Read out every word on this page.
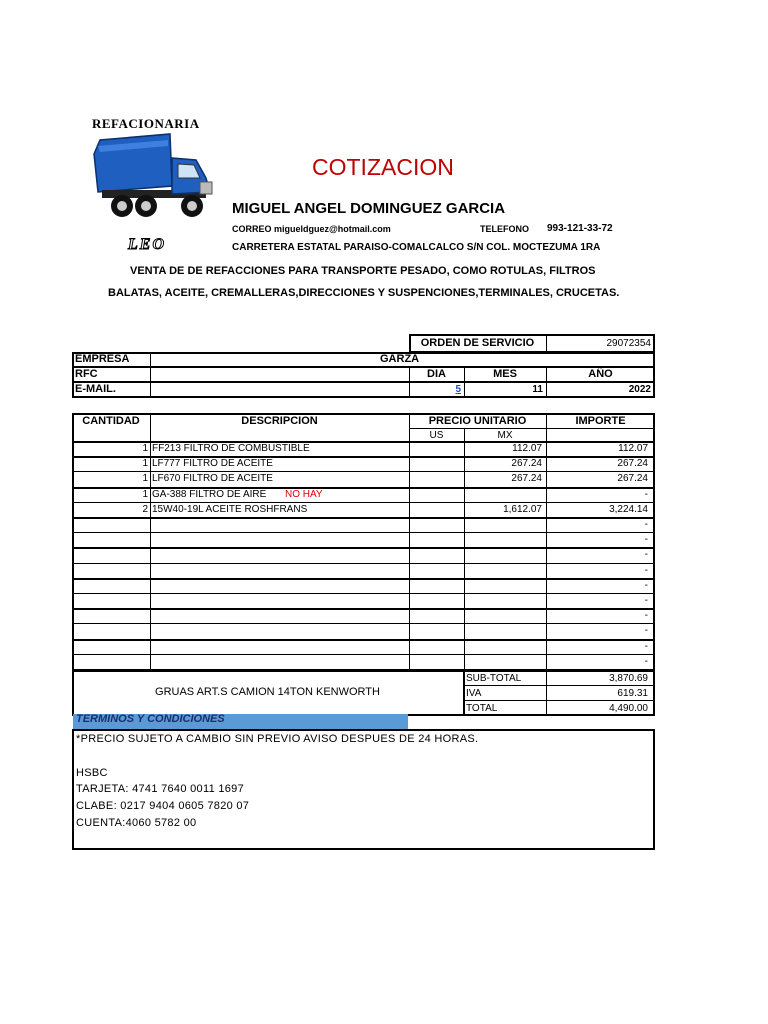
REFACIONARIA
LEO
COTIZACION
MIGUEL ANGEL DOMINGUEZ GARCIA
CORREO migueldguez@hotmail.com	TELEFONO 993-121-33-72
CARRETERA ESTATAL PARAISO-COMALCALCO S/N COL. MOCTEZUMA 1RA
VENTA DE DE REFACCIONES PARA TRANSPORTE PESADO, COMO ROTULAS, FILTROS
BALATAS, ACEITE, CREMALLERAS,DIRECCIONES Y SUSPENCIONES,TERMINALES, CRUCETAS.
ORDEN DE SERVICIO	29072354
EMPRESA	GARZA
RFC	DIA	MES	AÑO
E-MAIL.	5	11	2022
CANTIDAD	DESCRIPCION	PRECIO UNITARIO	IMPORTE
US	MX
1 FF213 FILTRO DE COMBUSTIBLE	112.07	112.07
1 LF777 FILTRO DE ACEITE	267.24	267.24
1 LF670 FILTRO DE ACEITE	267.24	267.24
1 GA-388 FILTRO DE AIRE NO HAY	-
2 15W40-19L ACEITE ROSHFRANS	1,612.07	3,224.14
-
-
-
-
-
-
-
-
-
-
GRUAS ART.S CAMION 14TON KENWORTH
SUB-TOTAL	3,870.69
IVA	619.31
TOTAL	4,490.00
TERMINOS Y CONDICIONES
*PRECIO SUJETO A CAMBIO SIN PREVIO AVISO DESPUES DE 24 HORAS.
HSBC
TARJETA: 4741 7640 0011 1697
CLABE: 0217 9404 0605 7820 07
CUENTA:4060 5782 00
